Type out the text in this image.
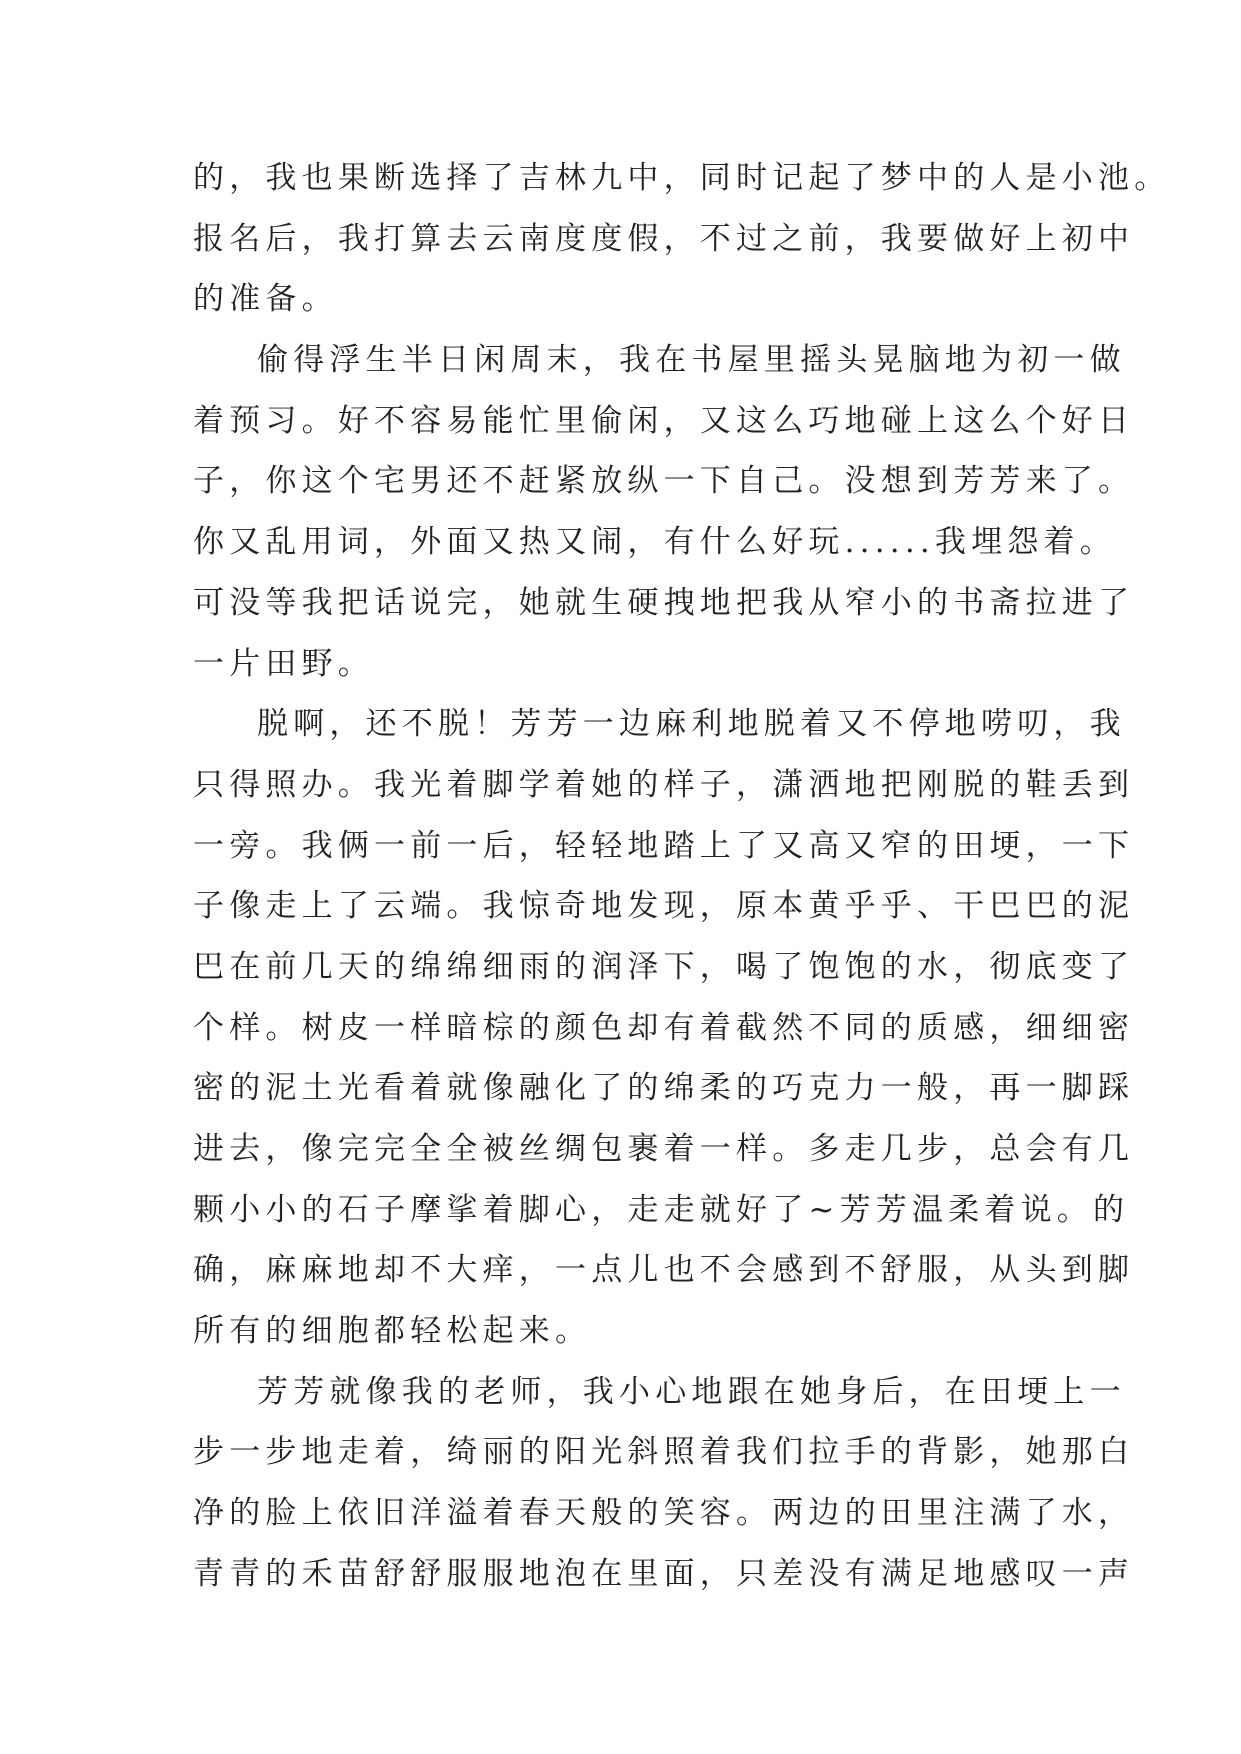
的，我也果断选择了吉林九中，同时记起了梦中的人是小池。
报名后，我打算去云南度度假，不过之前，我要做好上初中
的准备。
偷得浮生半日闲周末，我在书屋里摇头晃脑地为初一做
着预习。好不容易能忙里偷闲，又这么巧地碰上这么个好日
子，你这个宅男还不赶紧放纵一下自己。没想到芳芳来了。
你又乱用词，外面又热又闹，有什么好玩......我埋怨着。
可没等我把话说完，她就生硬拽地把我从窄小的书斋拉进了
一片田野。
脱啊，还不脱！芳芳一边麻利地脱着又不停地唠叨，我
只得照办。我光着脚学着她的样子，潇洒地把刚脱的鞋丢到
一旁。我俩一前一后，轻轻地踏上了又高又窄的田埂，一下
子像走上了云端。我惊奇地发现，原本黄乎乎、干巴巴的泥
巴在前几天的绵绵细雨的润泽下，喝了饱饱的水，彻底变了
个样。树皮一样暗棕的颜色却有着截然不同的质感，细细密
密的泥土光看着就像融化了的绵柔的巧克力一般，再一脚踩
进去，像完完全全被丝绸包裹着一样。多走几步，总会有几
颗小小的石子摩挲着脚心，走走就好了~芳芳温柔着说。的
确，麻麻地却不大痒，一点儿也不会感到不舒服，从头到脚
所有的细胞都轻松起来。
芳芳就像我的老师，我小心地跟在她身后，在田埂上一
步一步地走着，绮丽的阳光斜照着我们拉手的背影，她那白
净的脸上依旧洋溢着春天般的笑容。两边的田里注满了水，
青青的禾苗舒舒服服地泡在里面，只差没有满足地感叹一声
